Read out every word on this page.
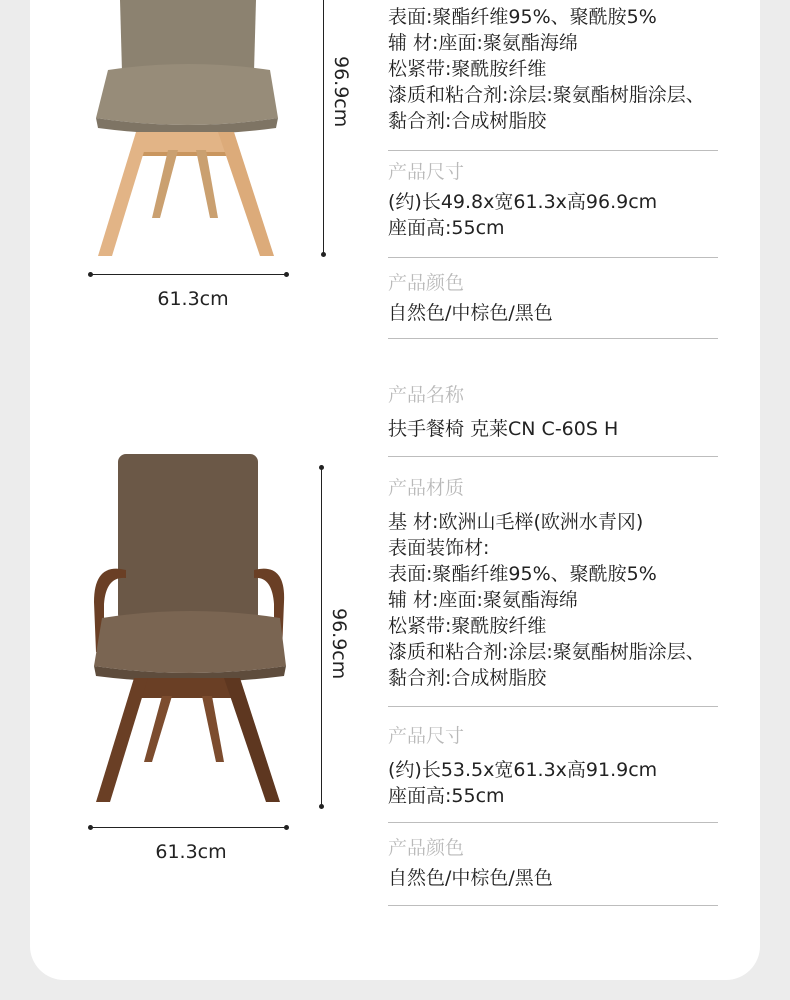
96.9cm
61.3cm

表面:聚酯纤维95%、聚酰胺5%
辅 材:座面:聚氨酯海绵
松紧带:聚酰胺纤维
漆质和粘合剂:涂层:聚氨酯树脂涂层、
黏合剂:合成树脂胶

产品尺寸

(约)长49.8x宽61.3x高96.9cm
座面高:55cm

产品颜色

自然色/中棕色/黑色

96.9cm
61.3cm

产品名称

扶手餐椅 克莱CN C-60S H

产品材质

基 材:欧洲山毛榉(欧洲水青冈)
表面装饰材:
表面:聚酯纤维95%、聚酰胺5%
辅 材:座面:聚氨酯海绵
松紧带:聚酰胺纤维
漆质和粘合剂:涂层:聚氨酯树脂涂层、
黏合剂:合成树脂胶

产品尺寸

(约)长53.5x宽61.3x高91.9cm
座面高:55cm

产品颜色

自然色/中棕色/黑色
